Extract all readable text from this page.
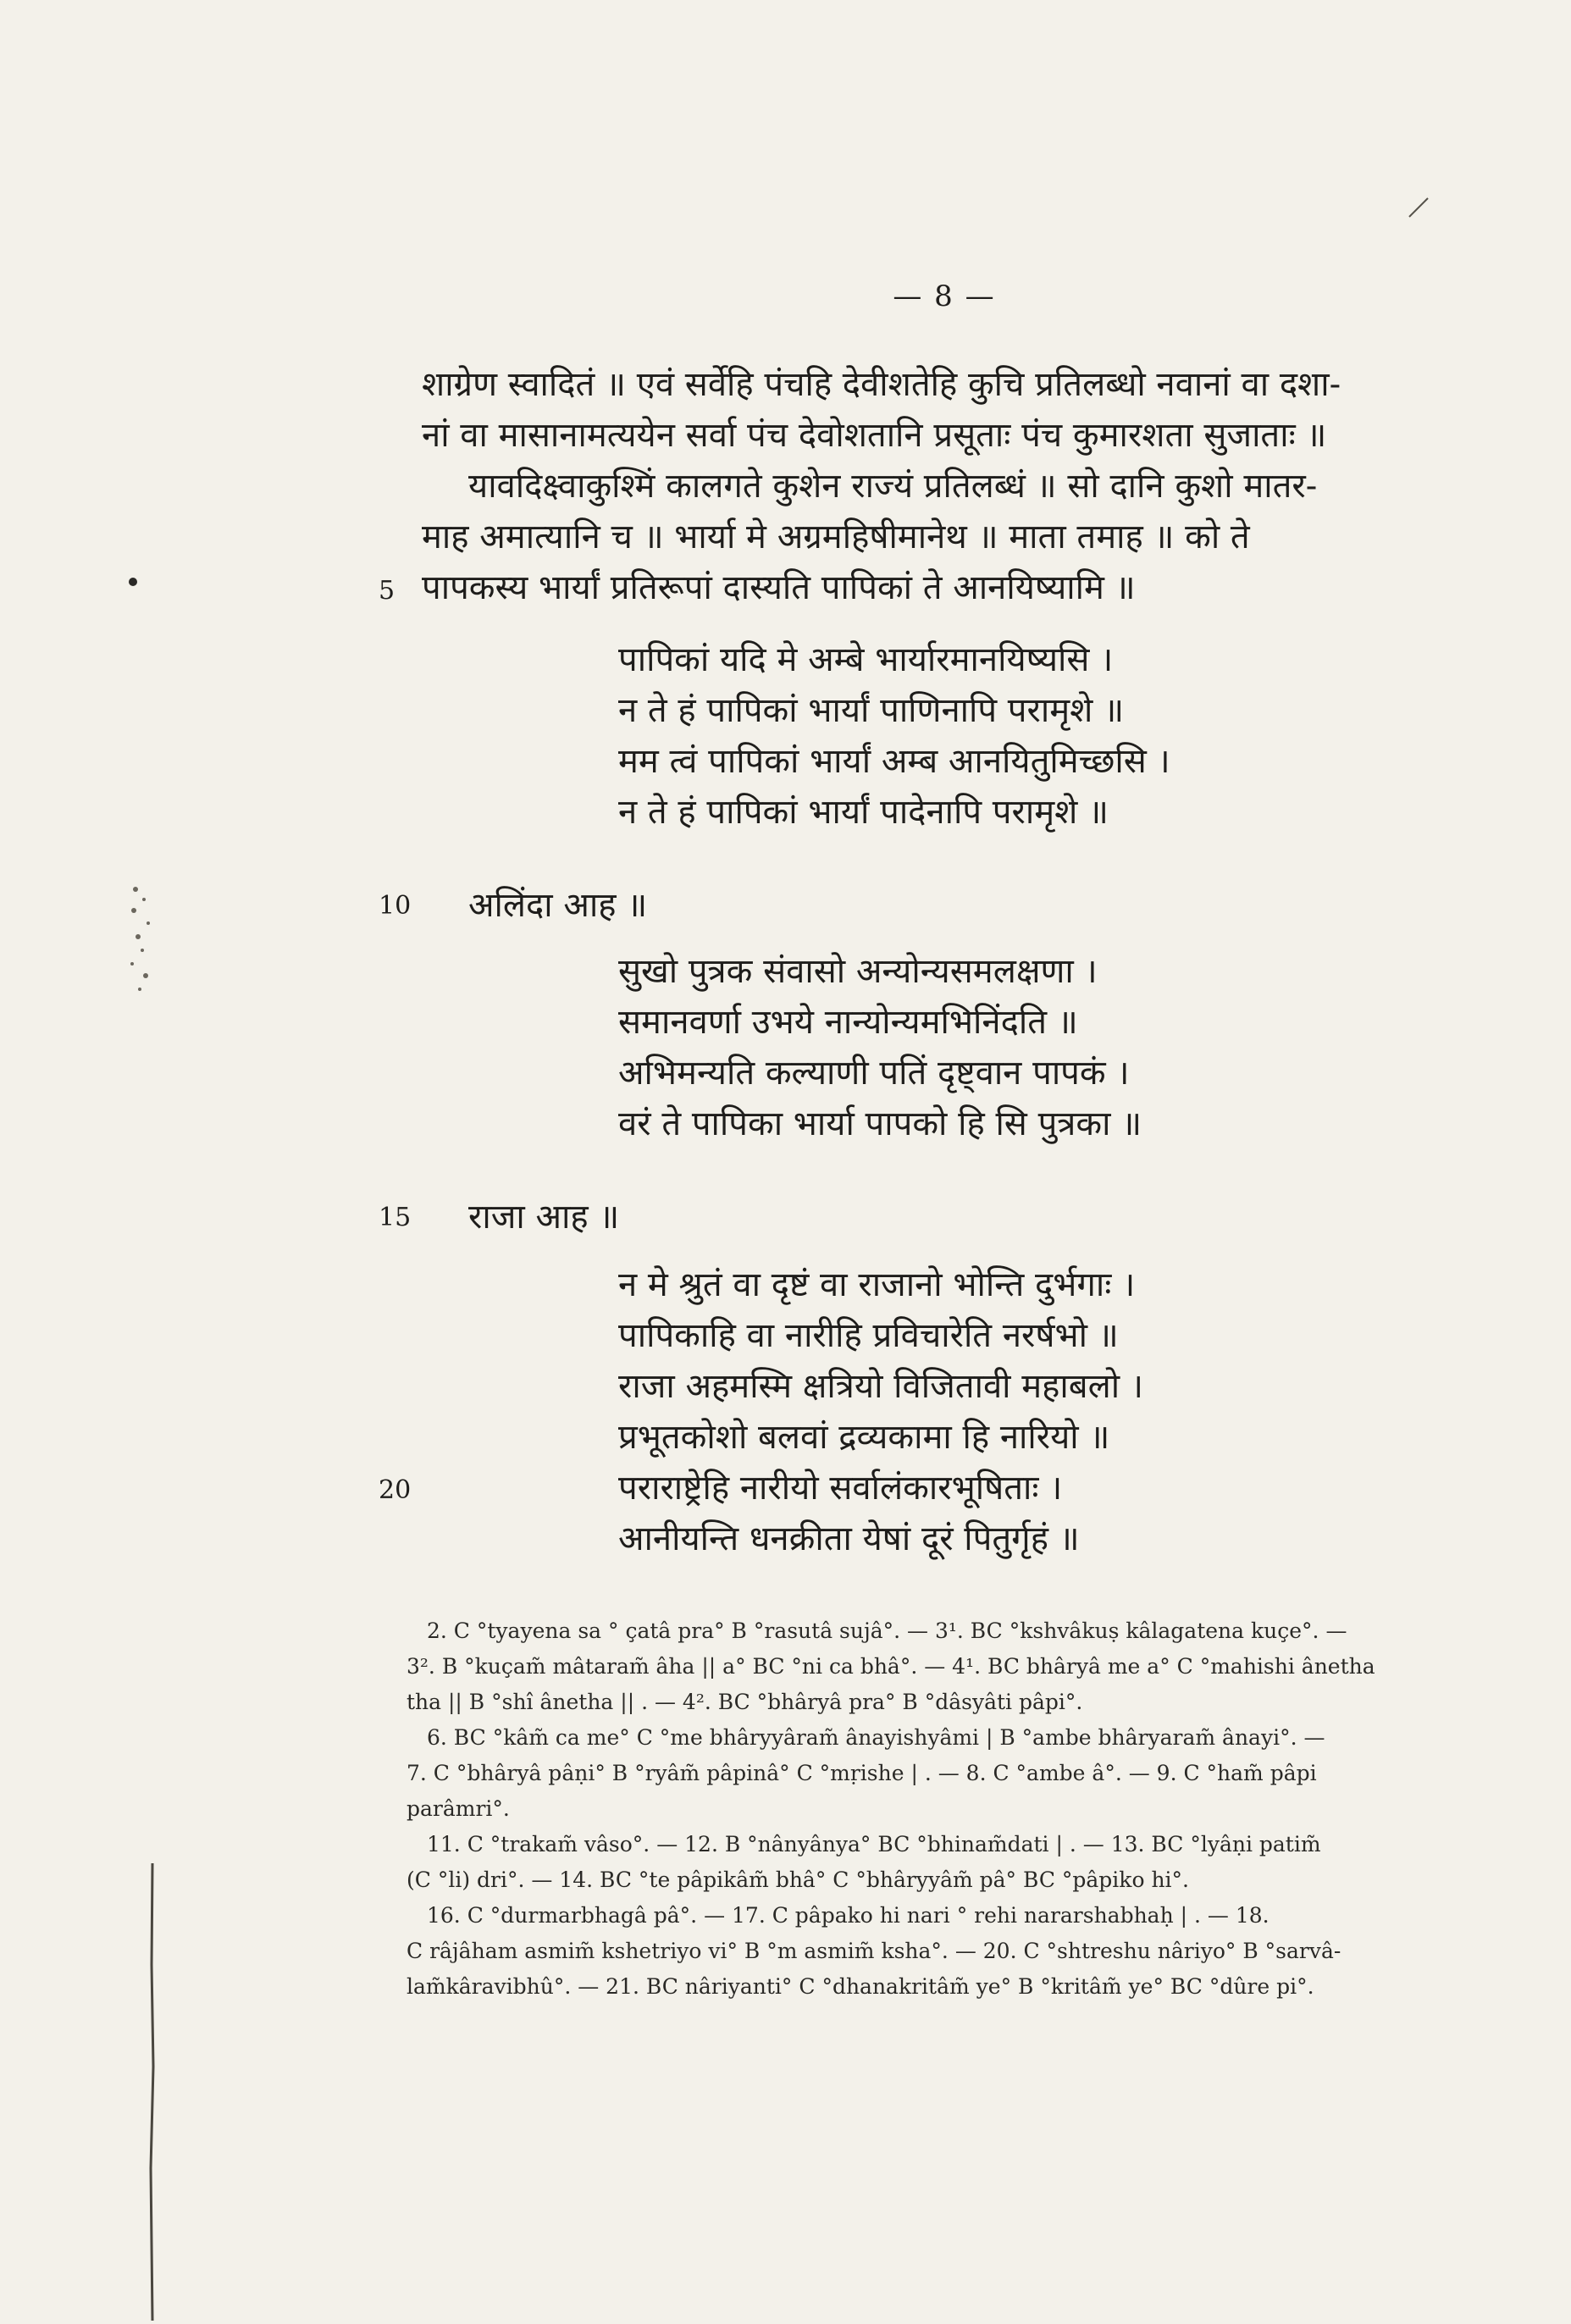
— 8 —
शाग्रेण स्वादितं ॥ एवं सर्वेहि पंचहि देवीशतेहि कुचि प्रतिलब्धो नवानां वा दशा-
नां वा मासानामत्ययेन सर्वा पंच देवोशतानि प्रसूताः पंच कुमारशता सुजाताः ॥
यावदिक्ष्वाकुश्मिं कालगते कुशेन राज्यं प्रतिलब्धं ॥ सो दानि कुशो मातर-
माह अमात्यानि च ॥ भार्या मे अग्रमहिषीमानेथ ॥ माता तमाह ॥ को ते
पापकस्य भार्यां प्रतिरूपां दास्यति पापिकां ते आनयिष्यामि ॥
5
पापिकां यदि मे अम्बे भार्यारमानयिष्यसि ।
न ते हं पापिकां भार्यां पाणिनापि परामृशे ॥
मम त्वं पापिकां भार्यां अम्ब आनयितुमिच्छसि ।
न ते हं पापिकां भार्यां पादेनापि परामृशे ॥
10 अलिंदा आह ॥
सुखो पुत्रक संवासो अन्योन्यसमलक्षणा ।
समानवर्णा उभये नान्योन्यमभिनिंदति ॥
अभिमन्यति कल्याणी पतिं दृष्ट्वान पापकं ।
वरं ते पापिका भार्या पापको हि सि पुत्रका ॥
15 राजा आह ॥
न मे श्रुतं वा दृष्टं वा राजानो भोन्ति दुर्भगाः ।
पापिकाहि वा नारीहि प्रविचारेति नरर्षभो ॥
राजा अहमस्मि क्षत्रियो विजितावी महाबलो ।
प्रभूतकोशो बलवां द्रव्यकामा हि नारियो ॥
पराराष्ट्रेहि नारीयो सर्वालंकारभूषिताः ।
आनीयन्ति धनक्रीता येषां दूरं पितुर्गृहं ॥
20

2. C °tyayena sa ° çatâ pra° B °rasutâ sujâ°. — 3¹. BC °kshvâkuṣ kâlagatena kuçe°. —

3². B °kuçam̃ mâtaram̃ âha || a° BC °ni ca bhâ°. — 4¹. BC bhâryâ me a° C °mahishi ânetha

tha || B °shî ânetha || . — 4². BC °bhâryâ pra° B °dâsyâti pâpi°.

6. BC °kâm̃ ca me° C °me bhâryyâram̃ ânayishyâmi | B °ambe bhâryaram̃ ânayi°. —

7. C °bhâryâ pâṇi° B °ryâm̃ pâpinâ° C °mṛishe | . — 8. C °ambe â°. — 9. C °ham̃ pâpi

parâmri°.

11. C °trakam̃ vâso°. — 12. B °nânyânya° BC °bhinam̃dati | . — 13. BC °lyâṇi patim̃

(C °li) dri°. — 14. BC °te pâpikâm̃ bhâ° C °bhâryyâm̃ pâ° BC °pâpiko hi°.

16. C °durmarbhagâ pâ°. — 17. C pâpako hi nari ° rehi nararshabhaḥ | . — 18.

C râjâham asmim̃ kshetriyo vi° B °m asmim̃ ksha°. — 20. C °shtreshu nâriyo° B °sarvâ-

lam̃kâravibhû°. — 21. BC nâriyanti° C °dhanakritâm̃ ye° B °kritâm̃ ye° BC °dûre pi°.
